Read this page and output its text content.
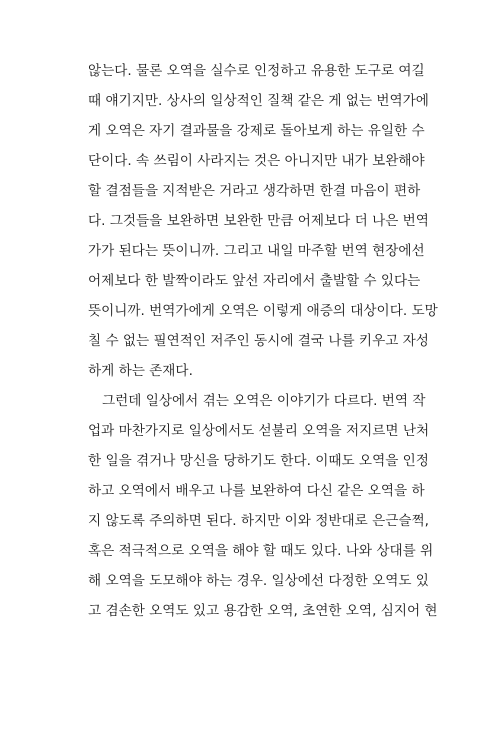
않는다. 물론 오역을 실수로 인정하고 유용한 도구로 여길
때 얘기지만. 상사의 일상적인 질책 같은 게 없는 번역가에
게 오역은 자기 결과물을 강제로 돌아보게 하는 유일한 수
단이다. 속 쓰림이 사라지는 것은 아니지만 내가 보완해야
할 결점들을 지적받은 거라고 생각하면 한결 마음이 편하
다. 그것들을 보완하면 보완한 만큼 어제보다 더 나은 번역
가가 된다는 뜻이니까. 그리고 내일 마주할 번역 현장에선
어제보다 한 발짝이라도 앞선 자리에서 출발할 수 있다는
뜻이니까. 번역가에게 오역은 이렇게 애증의 대상이다. 도망
칠 수 없는 필연적인 저주인 동시에 결국 나를 키우고 자성
하게 하는 존재다.
그런데 일상에서 겪는 오역은 이야기가 다르다. 번역 작
업과 마찬가지로 일상에서도 섣불리 오역을 저지르면 난처
한 일을 겪거나 망신을 당하기도 한다. 이때도 오역을 인정
하고 오역에서 배우고 나를 보완하여 다신 같은 오역을 하
지 않도록 주의하면 된다. 하지만 이와 정반대로 은근슬쩍,
혹은 적극적으로 오역을 해야 할 때도 있다. 나와 상대를 위
해 오역을 도모해야 하는 경우. 일상에선 다정한 오역도 있
고 겸손한 오역도 있고 용감한 오역, 초연한 오역, 심지어 현
